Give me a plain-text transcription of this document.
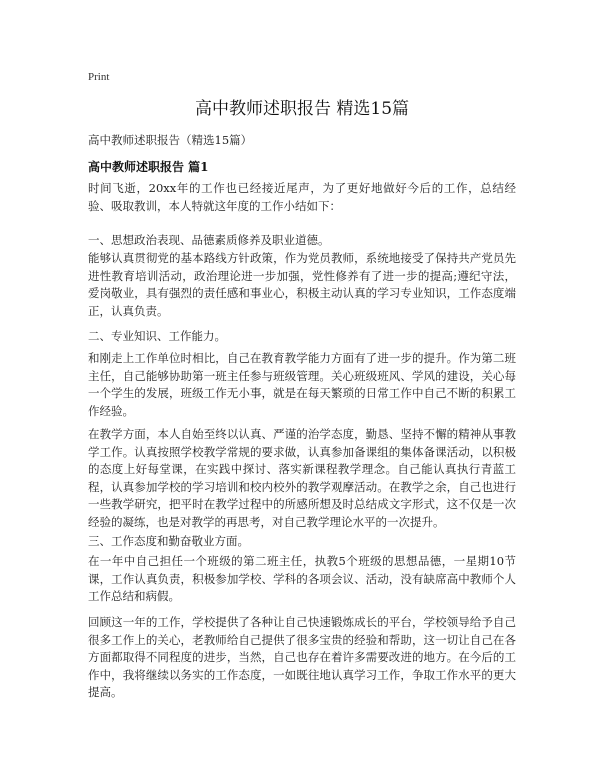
Print
高中教师述职报告 精选15篇
高中教师述职报告（精选15篇）
高中教师述职报告 篇1

时间飞逝，20xx年的工作也已经接近尾声，为了更好地做好今后的工作，总结经验、吸取教训，本人特就这年度的工作小结如下：

一、思想政治表现、品德素质修养及职业道德。

能够认真贯彻党的基本路线方针政策，作为党员教师，系统地接受了保持共产党员先进性教育培训活动，政治理论进一步加强，党性修养有了进一步的提高;遵纪守法，爱岗敬业，具有强烈的责任感和事业心，积极主动认真的学习专业知识，工作态度端正，认真负责。

二、专业知识、工作能力。

和刚走上工作单位时相比，自己在教育教学能力方面有了进一步的提升。作为第二班主任，自己能够协助第一班主任参与班级管理。关心班级班风、学风的建设，关心每一个学生的发展，班级工作无小事，就是在每天繁琐的日常工作中自己不断的积累工作经验。

在教学方面，本人自始至终以认真、严谨的治学态度，勤恳、坚持不懈的精神从事教学工作。认真按照学校教学常规的要求做，认真参加备课组的集体备课活动，以积极的态度上好每堂课，在实践中探讨、落实新课程教学理念。自己能认真执行青蓝工程，认真参加学校的学习培训和校内校外的教学观摩活动。在教学之余，自己也进行一些教学研究，把平时在教学过程中的所感所想及时总结成文字形式，这不仅是一次经验的凝练，也是对教学的再思考，对自己教学理论水平的一次提升。

三、工作态度和勤奋敬业方面。

在一年中自己担任一个班级的第二班主任，执教5个班级的思想品德，一星期10节课，工作认真负责，积极参加学校、学科的各项会议、活动，没有缺席高中教师个人工作总结和病假。

回顾这一年的工作，学校提供了各种让自己快速锻炼成长的平台，学校领导给予自己很多工作上的关心，老教师给自己提供了很多宝贵的经验和帮助，这一切让自己在各方面都取得不同程度的进步，当然，自己也存在着许多需要改进的地方。在今后的工作中，我将继续以务实的工作态度，一如既往地认真学习工作，争取工作水平的更大提高。
